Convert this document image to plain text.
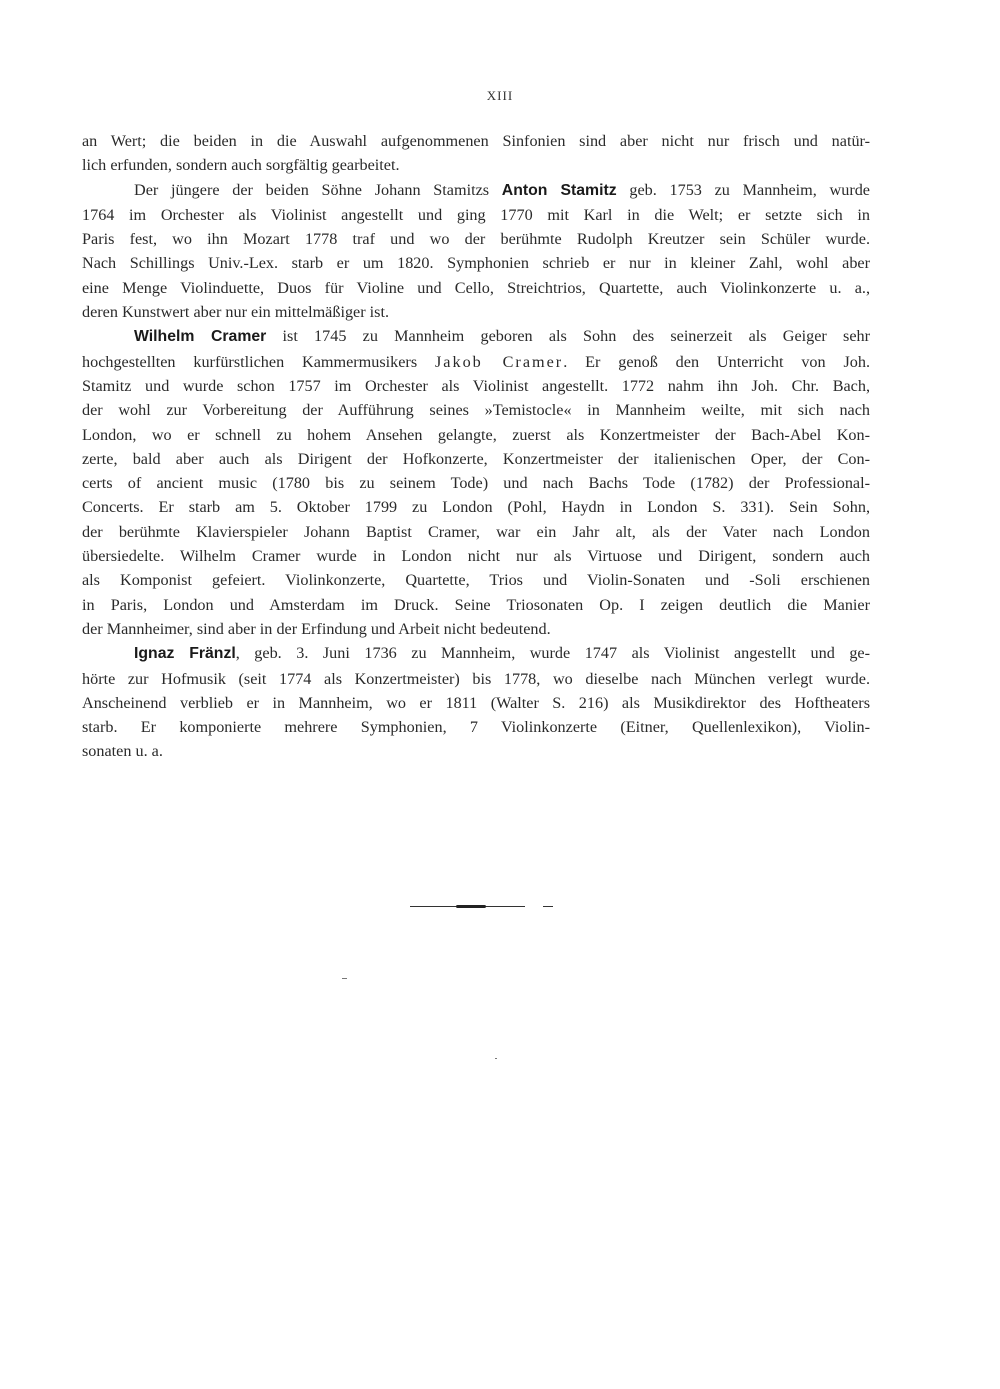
XIII

an Wert; die beiden in die Auswahl aufgenommenen Sinfonien sind aber nicht nur frisch und natür-
lich erfunden, sondern auch sorgfältig gearbeitet.

Der jüngere der beiden Söhne Johann Stamitzs Anton Stamitz geb. 1753 zu Mannheim, wurde
1764 im Orchester als Violinist angestellt und ging 1770 mit Karl in die Welt; er setzte sich in
Paris fest, wo ihn Mozart 1778 traf und wo der berühmte Rudolph Kreutzer sein Schüler wurde.
Nach Schillings Univ.-Lex. starb er um 1820. Symphonien schrieb er nur in kleiner Zahl, wohl aber
eine Menge Violinduette, Duos für Violine und Cello, Streichtrios, Quartette, auch Violinkonzerte u. a.,
deren Kunstwert aber nur ein mittelmäßiger ist.

Wilhelm Cramer ist 1745 zu Mannheim geboren als Sohn des seinerzeit als Geiger sehr
hochgestellten kurfürstlichen Kammermusikers Jakob Cramer. Er genoß den Unterricht von Joh.
Stamitz und wurde schon 1757 im Orchester als Violinist angestellt. 1772 nahm ihn Joh. Chr. Bach,
der wohl zur Vorbereitung der Aufführung seines »Temistocle« in Mannheim weilte, mit sich nach
London, wo er schnell zu hohem Ansehen gelangte, zuerst als Konzertmeister der Bach-Abel Kon-
zerte, bald aber auch als Dirigent der Hofkonzerte, Konzertmeister der italienischen Oper, der Con-
certs of ancient music (1780 bis zu seinem Tode) und nach Bachs Tode (1782) der Professional-
Concerts. Er starb am 5. Oktober 1799 zu London (Pohl, Haydn in London S. 331). Sein Sohn,
der berühmte Klavierspieler Johann Baptist Cramer, war ein Jahr alt, als der Vater nach London
übersiedelte. Wilhelm Cramer wurde in London nicht nur als Virtuose und Dirigent, sondern auch
als Komponist gefeiert. Violinkonzerte, Quartette, Trios und Violin-Sonaten und -Soli erschienen
in Paris, London und Amsterdam im Druck. Seine Triosonaten Op. I zeigen deutlich die Manier
der Mannheimer, sind aber in der Erfindung und Arbeit nicht bedeutend.

Ignaz Fränzl, geb. 3. Juni 1736 zu Mannheim, wurde 1747 als Violinist angestellt und ge-
hörte zur Hofmusik (seit 1774 als Konzertmeister) bis 1778, wo dieselbe nach München verlegt wurde.
Anscheinend verblieb er in Mannheim, wo er 1811 (Walter S. 216) als Musikdirektor des Hoftheaters
starb. Er komponierte mehrere Symphonien, 7 Violinkonzerte (Eitner, Quellenlexikon), Violin-
sonaten u. a.
